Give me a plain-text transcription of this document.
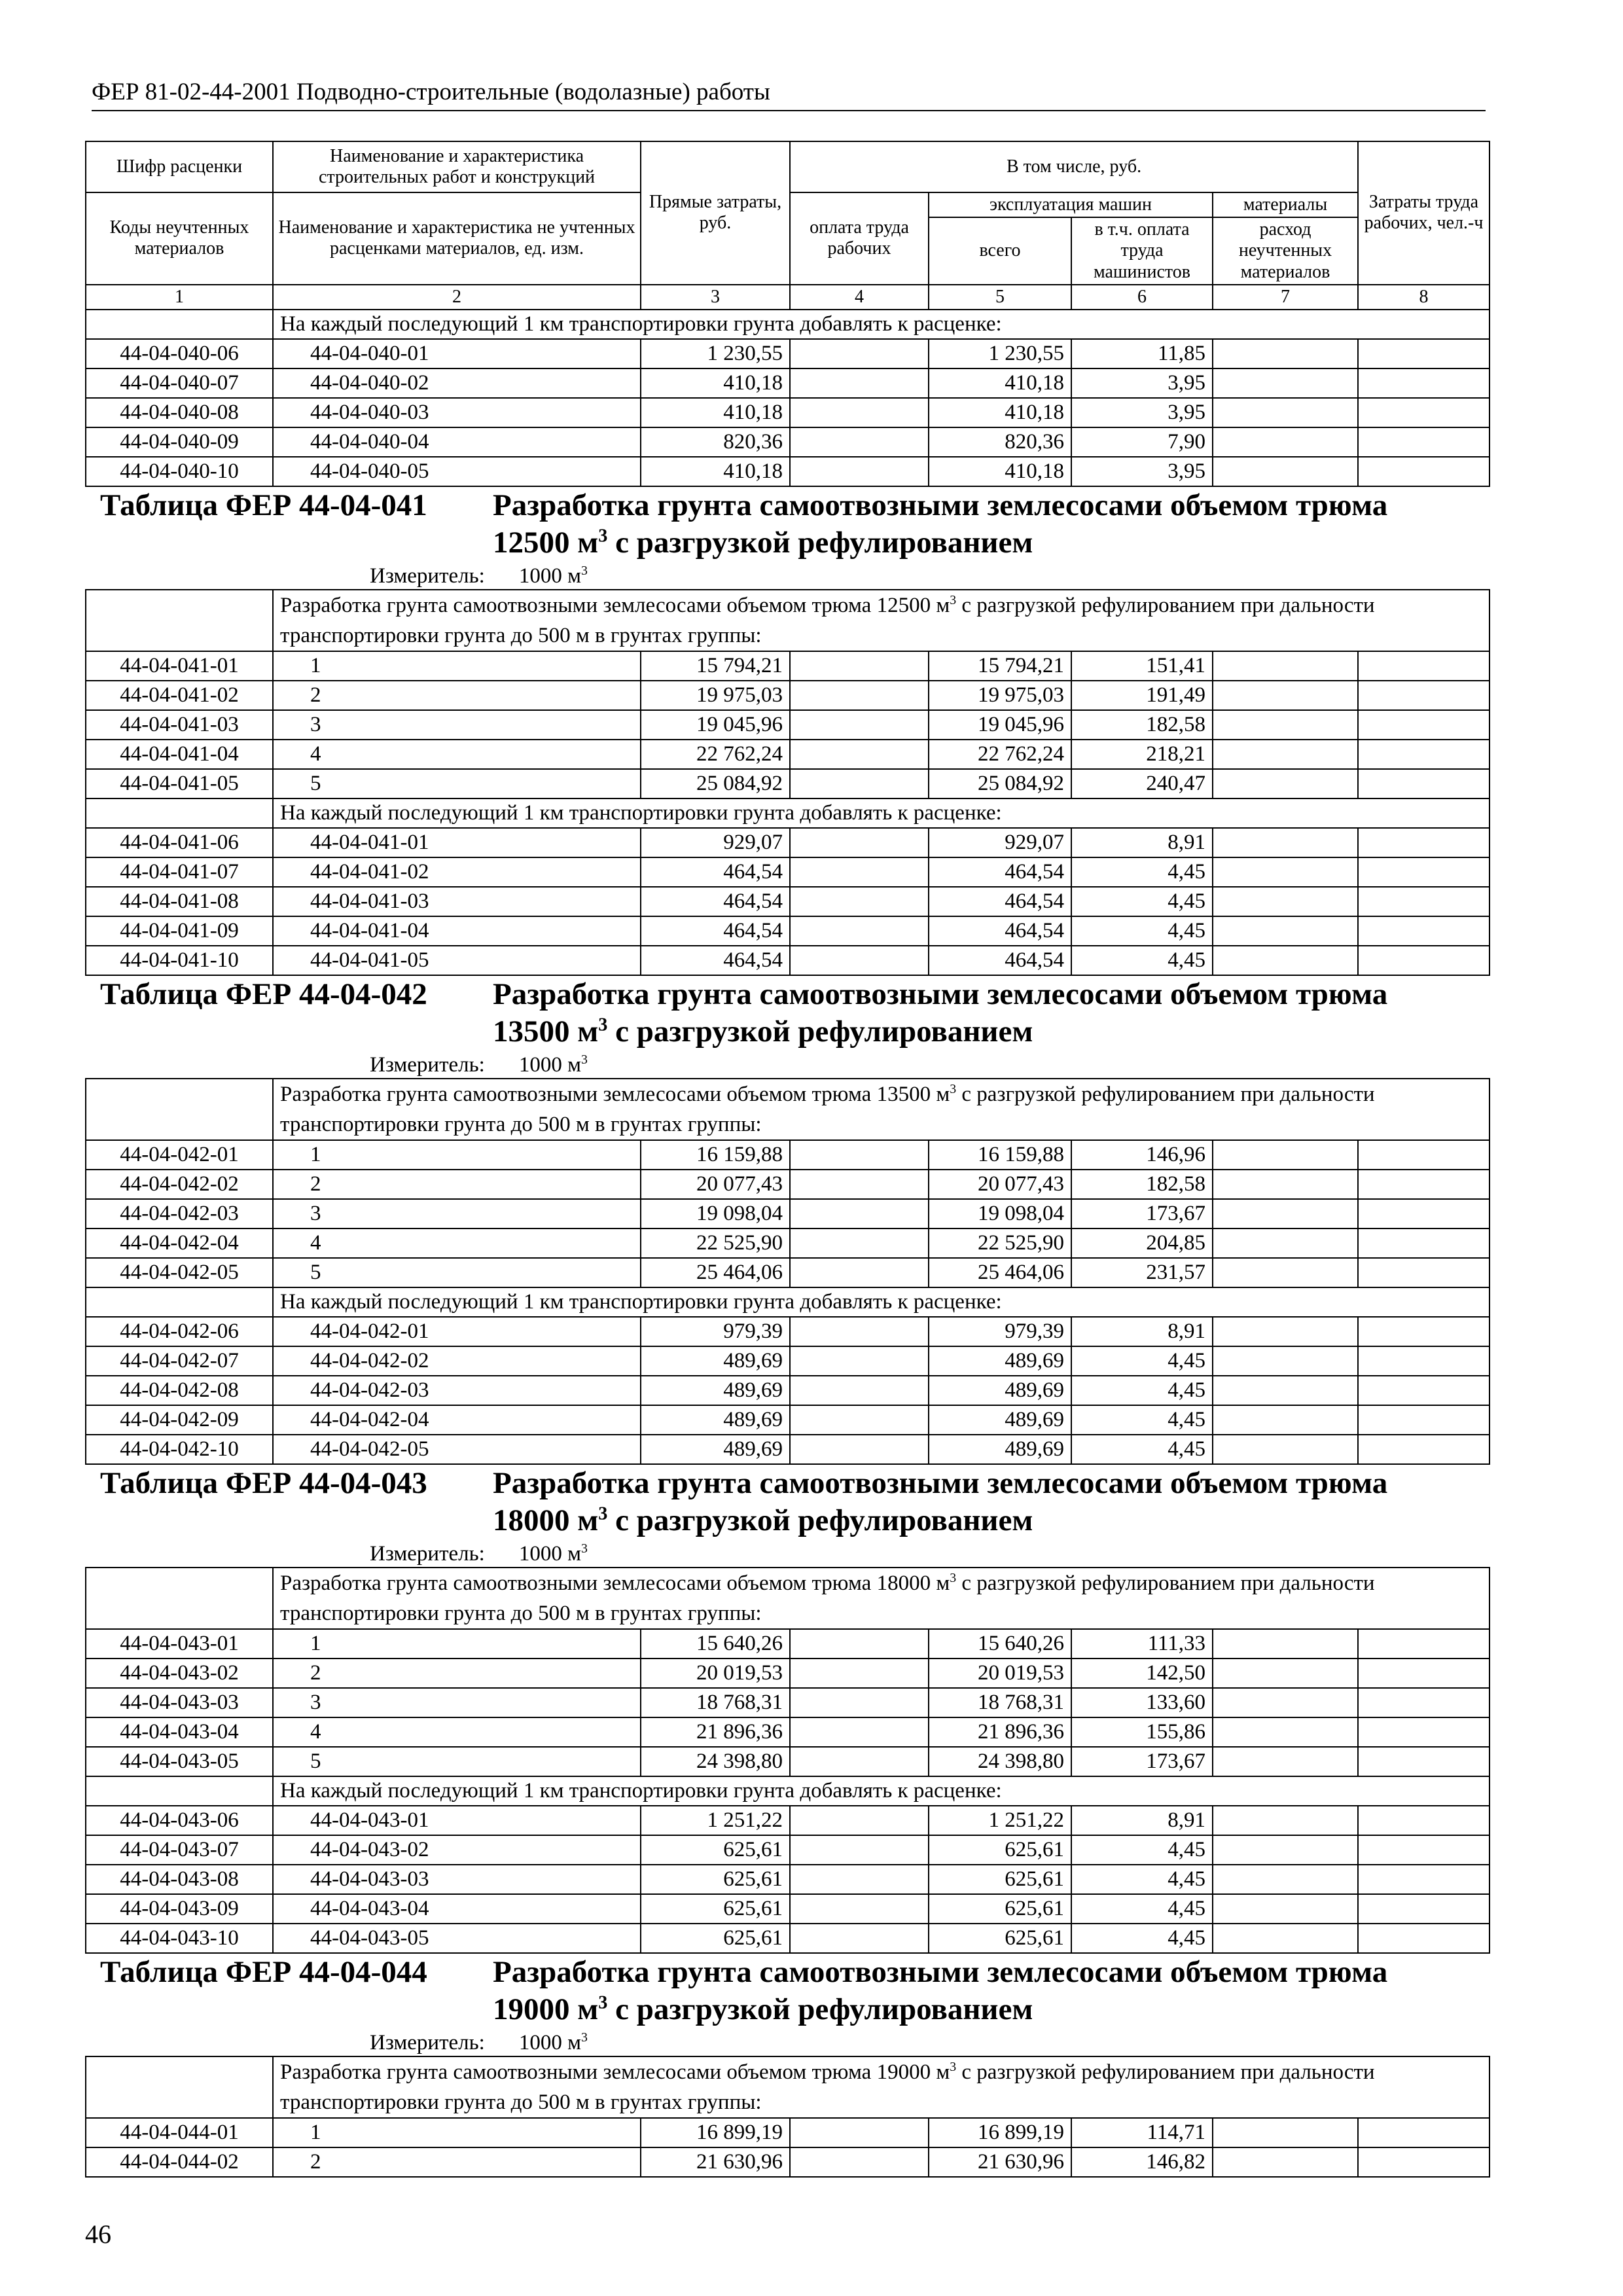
ФЕР 81-02-44-2001 Подводно-строительные (водолазные) работы
Шифр расценки	Наименование и характеристика строительных работ и конструкций	Прямые затраты, руб.	В том числе, руб.				Затраты труда рабочих, чел.-ч
Коды неучтенных материалов	Наименование и характеристика не учтенных расценками материалов, ед. изм.		оплата труда рабочих	эксплуатация машин		материалы	
				всего	в т.ч. оплата труда машинистов	расход неучтенных материалов	
1	2	3	4	5	6	7	8
	На каждый последующий 1 км транспортировки грунта добавлять к расценке:						
44-04-040-06	44-04-040-01	1 230,55		1 230,55	11,85		
44-04-040-07	44-04-040-02	410,18		410,18	3,95		
44-04-040-08	44-04-040-03	410,18		410,18	3,95		
44-04-040-09	44-04-040-04	820,36		820,36	7,90		
44-04-040-10	44-04-040-05	410,18		410,18	3,95		

Таблица ФЕР 44-04-041 Разработка грунта самоотвозными землесосами объемом трюма
12500 $м^3$ с разгрузкой рефулированием
Измеритель: 1000 $м^3$

	Разработка грунта самоотвозными землесосами объемом трюма 12500 $м^3$ с разгрузкой рефулированием при дальности транспортировки грунта до 500 м в грунтах группы:						
44-04-041-01	1	15 794,21		15 794,21	151,41		
44-04-041-02	2	19 975,03		19 975,03	191,49		
44-04-041-03	3	19 045,96		19 045,96	182,58		
44-04-041-04	4	22 762,24		22 762,24	218,21		
44-04-041-05	5	25 084,92		25 084,92	240,47		
	На каждый последующий 1 км транспортировки грунта добавлять к расценке:						
44-04-041-06	44-04-041-01	929,07		929,07	8,91		
44-04-041-07	44-04-041-02	464,54		464,54	4,45		
44-04-041-08	44-04-041-03	464,54		464,54	4,45		
44-04-041-09	44-04-041-04	464,54		464,54	4,45		
44-04-041-10	44-04-041-05	464,54		464,54	4,45		

Таблица ФЕР 44-04-042 Разработка грунта самоотвозными землесосами объемом трюма
13500 $м^3$ с разгрузкой рефулированием
Измеритель: 1000 $м^3$

	Разработка грунта самоотвозными землесосами объемом трюма 13500 $м^3$ с разгрузкой рефулированием при дальности транспортировки грунта до 500 м в грунтах группы:						
44-04-042-01	1	16 159,88		16 159,88	146,96		
44-04-042-02	2	20 077,43		20 077,43	182,58		
44-04-042-03	3	19 098,04		19 098,04	173,67		
44-04-042-04	4	22 525,90		22 525,90	204,85		
44-04-042-05	5	25 464,06		25 464,06	231,57		
	На каждый последующий 1 км транспортировки грунта добавлять к расценке:						
44-04-042-06	44-04-042-01	979,39		979,39	8,91		
44-04-042-07	44-04-042-02	489,69		489,69	4,45		
44-04-042-08	44-04-042-03	489,69		489,69	4,45		
44-04-042-09	44-04-042-04	489,69		489,69	4,45		
44-04-042-10	44-04-042-05	489,69		489,69	4,45		

Таблица ФЕР 44-04-043 Разработка грунта самоотвозными землесосами объемом трюма
18000 $м^3$ с разгрузкой рефулированием
Измеритель: 1000 $м^3$

	Разработка грунта самоотвозными землесосами объемом трюма 18000 $м^3$ с разгрузкой рефулированием при дальности транспортировки грунта до 500 м в грунтах группы:						
44-04-043-01	1	15 640,26		15 640,26	111,33		
44-04-043-02	2	20 019,53		20 019,53	142,50		
44-04-043-03	3	18 768,31		18 768,31	133,60		
44-04-043-04	4	21 896,36		21 896,36	155,86		
44-04-043-05	5	24 398,80		24 398,80	173,67		
	На каждый последующий 1 км транспортировки грунта добавлять к расценке:						
44-04-043-06	44-04-043-01	1 251,22		1 251,22	8,91		
44-04-043-07	44-04-043-02	625,61		625,61	4,45		
44-04-043-08	44-04-043-03	625,61		625,61	4,45		
44-04-043-09	44-04-043-04	625,61		625,61	4,45		
44-04-043-10	44-04-043-05	625,61		625,61	4,45		

Таблица ФЕР 44-04-044 Разработка грунта самоотвозными землесосами объемом трюма
19000 $м^3$ с разгрузкой рефулированием
Измеритель: 1000 $м^3$

	Разработка грунта самоотвозными землесосами объемом трюма 19000 $м^3$ с разгрузкой рефулированием при дальности транспортировки грунта до 500 м в грунтах группы:						
44-04-044-01	1	16 899,19		16 899,19	114,71		
44-04-044-02	2	21 630,96		21 630,96	146,82		
46
